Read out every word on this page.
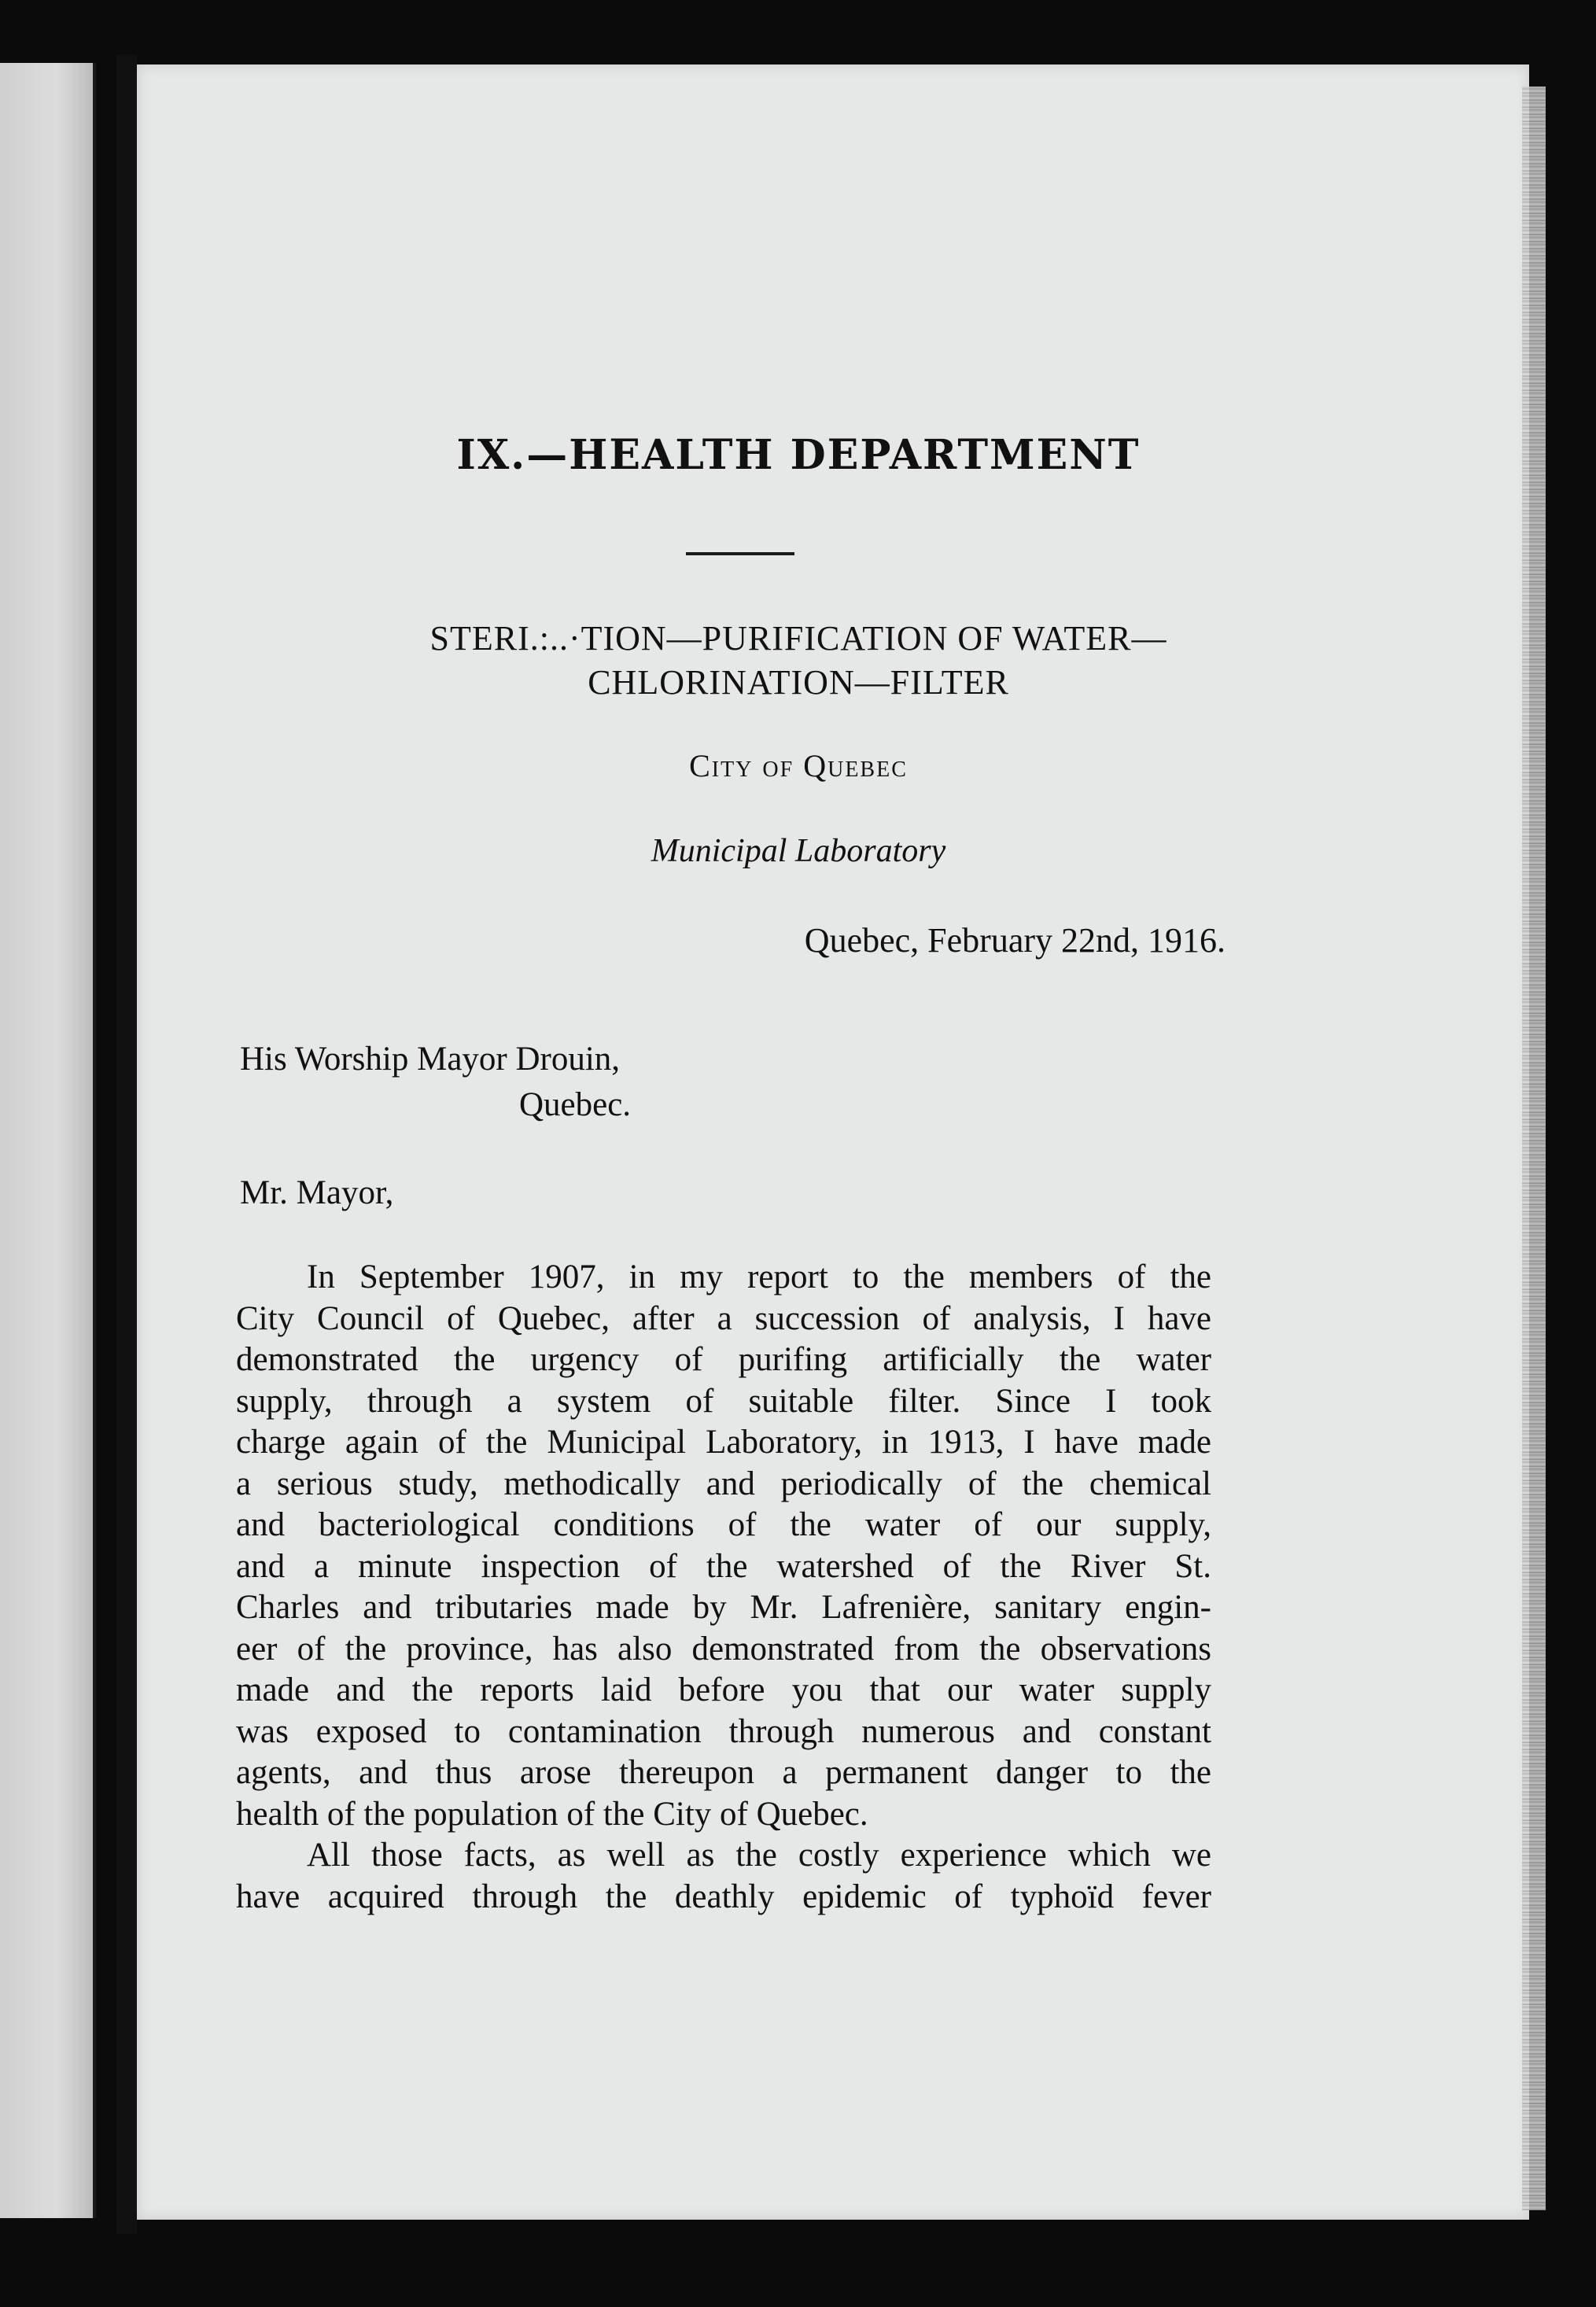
IX.—HEALTH DEPARTMENT

STERI.:..·TION—PURIFICATION OF WATER—

CHLORINATION—FILTER

City of Quebec

Municipal Laboratory

Quebec, February 22nd, 1916.

His Worship Mayor Drouin,

Quebec.

Mr. Mayor,

In September 1907, in my report to the members of the

City Council of Quebec, after a succession of analysis, I have

demonstrated the urgency of purifing artificially the water

supply, through a system of suitable filter. Since I took

charge again of the Municipal Laboratory, in 1913, I have made

a serious study, methodically and periodically of the chemical

and bacteriological conditions of the water of our supply,

and a minute inspection of the watershed of the River St.

Charles and tributaries made by Mr. Lafrenière, sanitary engin-

eer of the province, has also demonstrated from the observations

made and the reports laid before you that our water supply

was exposed to contamination through numerous and constant

agents, and thus arose thereupon a permanent danger to the

health of the population of the City of Quebec.

All those facts, as well as the costly experience which we

have acquired through the deathly epidemic of typhoïd fever
